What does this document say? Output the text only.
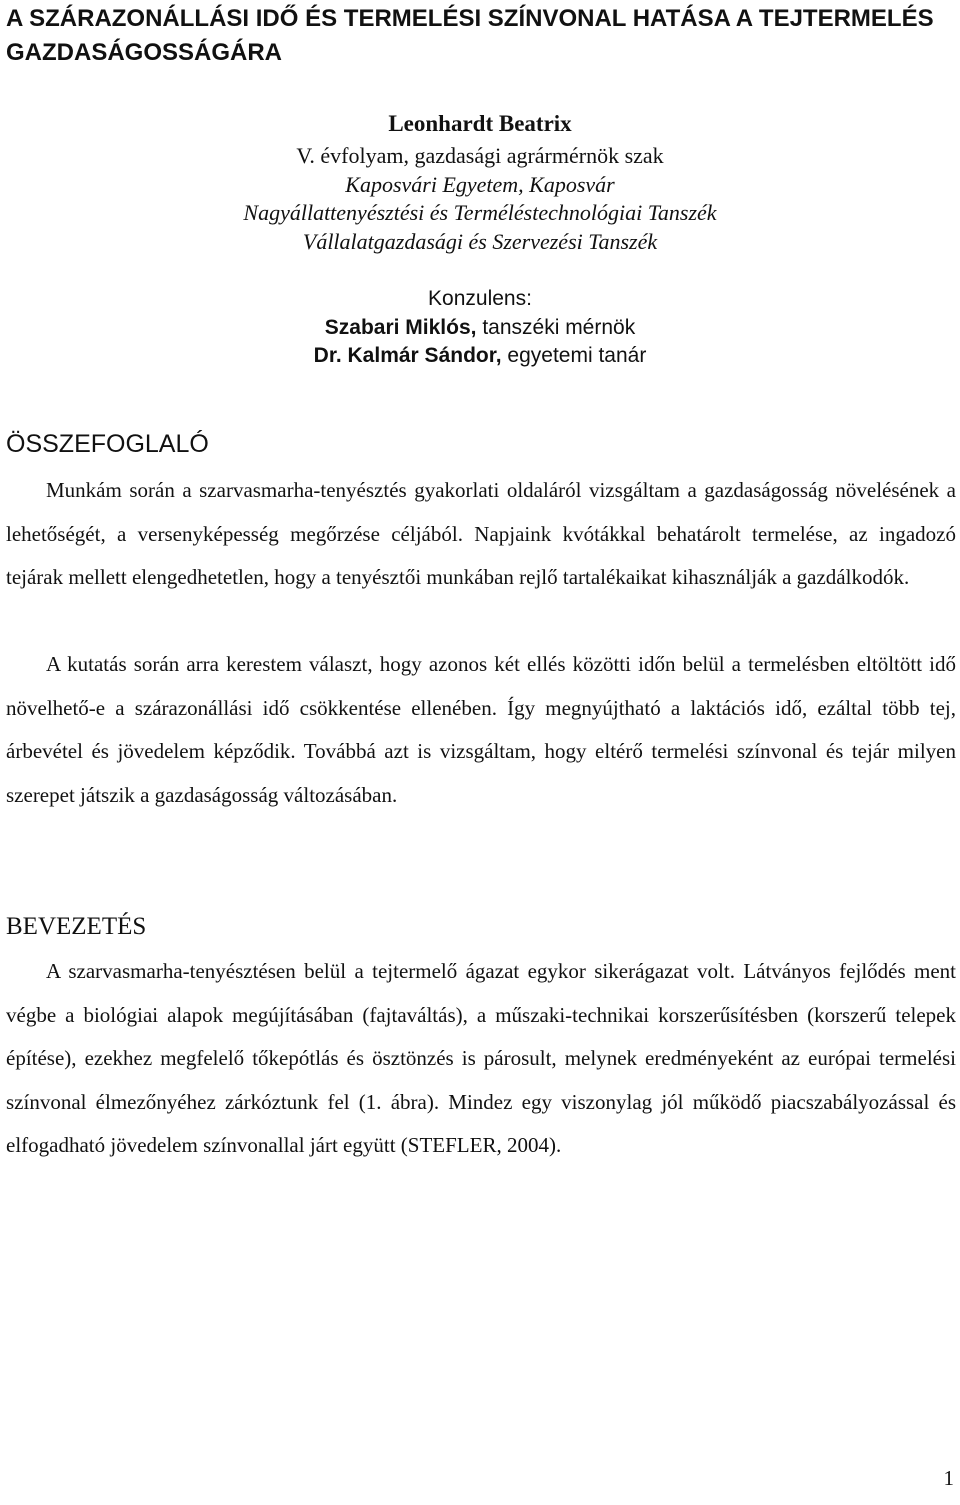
A SZÁRAZONÁLLÁSI IDŐ ÉS TERMELÉSI SZÍNVONAL HATÁSA A TEJTERMELÉS GAZDASÁGOSSÁGÁRA

Leonhardt Beatrix

V. évfolyam, gazdasági agrármérnök szak

Kaposvári Egyetem, Kaposvár

Nagyállattenyésztési és Terméléstechnológiai Tanszék

Vállalatgazdasági és Szervezési Tanszék

Konzulens:

Szabari Miklós, tanszéki mérnök

Dr. Kalmár Sándor, egyetemi tanár

ÖSSZEFOGLALÓ

Munkám során a szarvasmarha-tenyésztés gyakorlati oldaláról vizsgáltam a gazdaságosság növelésének a lehetőségét, a versenyképesség megőrzése céljából. Napjaink kvótákkal behatárolt termelése, az ingadozó tejárak mellett elengedhetetlen, hogy a tenyésztői munkában rejlő tartalékaikat kihasználják a gazdálkodók.

A kutatás során arra kerestem választ, hogy azonos két ellés közötti időn belül a termelésben eltöltött idő növelhető-e a szárazonállási idő csökkentése ellenében. Így megnyújtható a laktációs idő, ezáltal több tej, árbevétel és jövedelem képződik. Továbbá azt is vizsgáltam, hogy eltérő termelési színvonal és tejár milyen szerepet játszik a gazdaságosság változásában.

BEVEZETÉS

A szarvasmarha-tenyésztésen belül a tejtermelő ágazat egykor sikerágazat volt. Látványos fejlődés ment végbe a biológiai alapok megújításában (fajtaváltás), a műszaki-technikai korszerűsítésben (korszerű telepek építése), ezekhez megfelelő tőkepótlás és ösztönzés is párosult, melynek eredményeként az európai termelési színvonal élmezőnyéhez zárkóztunk fel (1. ábra). Mindez egy viszonylag jól működő piacszabályozással és elfogadható jövedelem színvonallal járt együtt (STEFLER, 2004).

1
